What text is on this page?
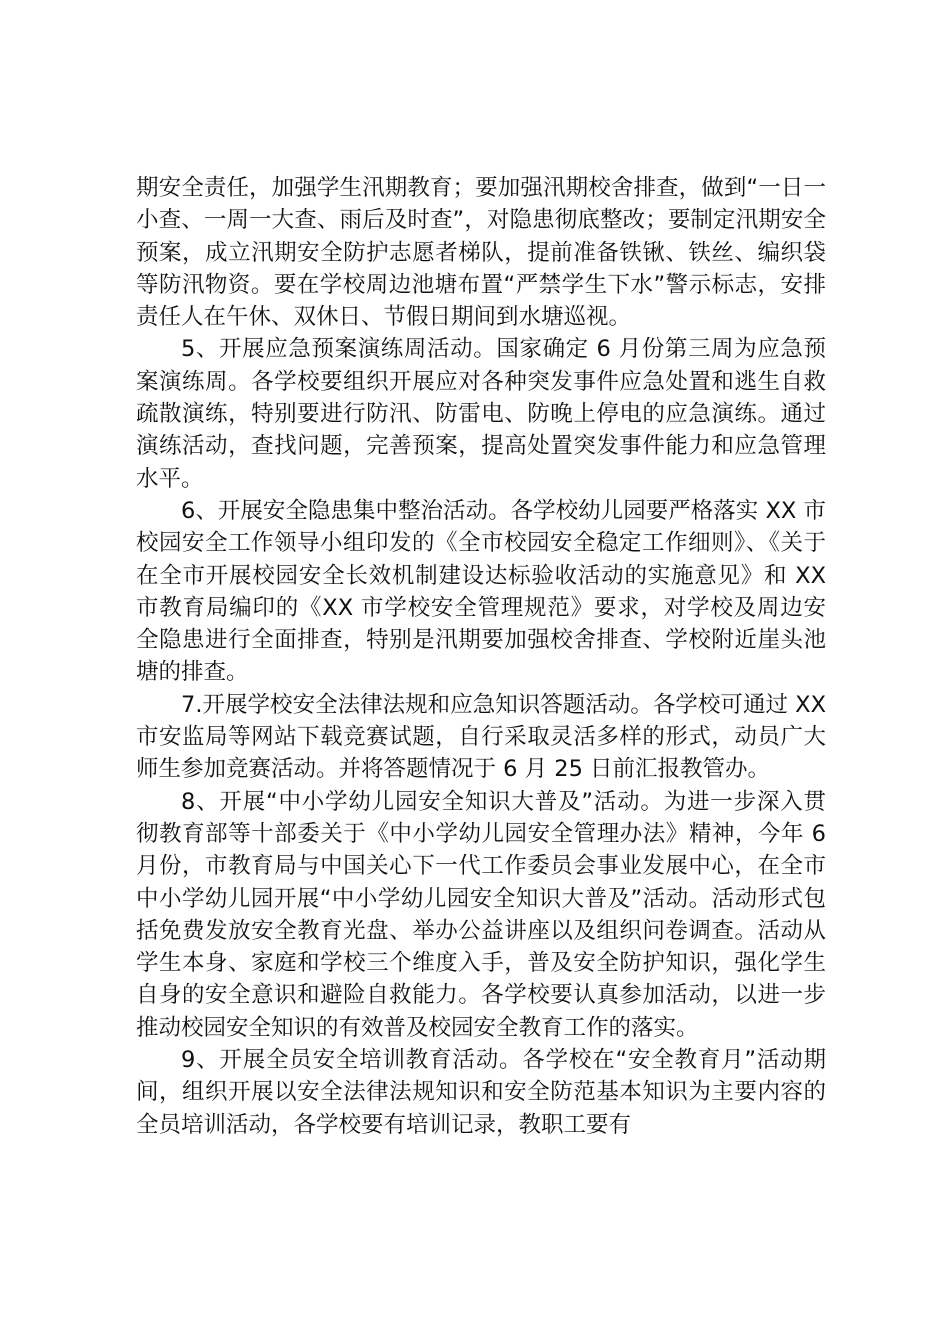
期安全责任，加强学生汛期教育；要加强汛期校舍排查，做到“一日一小查、一周一大查、雨后及时查”，对隐患彻底整改；要制定汛期安全预案，成立汛期安全防护志愿者梯队，提前准备铁锹、铁丝、编织袋等防汛物资。要在学校周边池塘布置“严禁学生下水”警示标志，安排责任人在午休、双休日、节假日期间到水塘巡视。

5、开展应急预案演练周活动。国家确定 6 月份第三周为应急预案演练周。各学校要组织开展应对各种突发事件应急处置和逃生自救疏散演练，特别要进行防汛、防雷电、防晚上停电的应急演练。通过演练活动，查找问题，完善预案，提高处置突发事件能力和应急管理水平。

6、开展安全隐患集中整治活动。各学校幼儿园要严格落实 XX 市校园安全工作领导小组印发的《全市校园安全稳定工作细则》、《关于在全市开展校园安全长效机制建设达标验收活动的实施意见》和 XX 市教育局编印的《XX 市学校安全管理规范》要求，对学校及周边安全隐患进行全面排查，特别是汛期要加强校舍排查、学校附近崖头池塘的排查。

7.开展学校安全法律法规和应急知识答题活动。各学校可通过 XX 市安监局等网站下载竞赛试题，自行采取灵活多样的形式，动员广大师生参加竞赛活动。并将答题情况于 6 月 25 日前汇报教管办。

8、开展“中小学幼儿园安全知识大普及”活动。为进一步深入贯彻教育部等十部委关于《中小学幼儿园安全管理办法》精神，今年 6 月份，市教育局与中国关心下一代工作委员会事业发展中心，在全市中小学幼儿园开展“中小学幼儿园安全知识大普及”活动。活动形式包括免费发放安全教育光盘、举办公益讲座以及组织问卷调查。活动从学生本身、家庭和学校三个维度入手，普及安全防护知识，强化学生自身的安全意识和避险自救能力。各学校要认真参加活动，以进一步推动校园安全知识的有效普及校园安全教育工作的落实。

9、开展全员安全培训教育活动。各学校在“安全教育月”活动期间，组织开展以安全法律法规知识和安全防范基本知识为主要内容的全员培训活动，各学校要有培训记录，教职工要有
